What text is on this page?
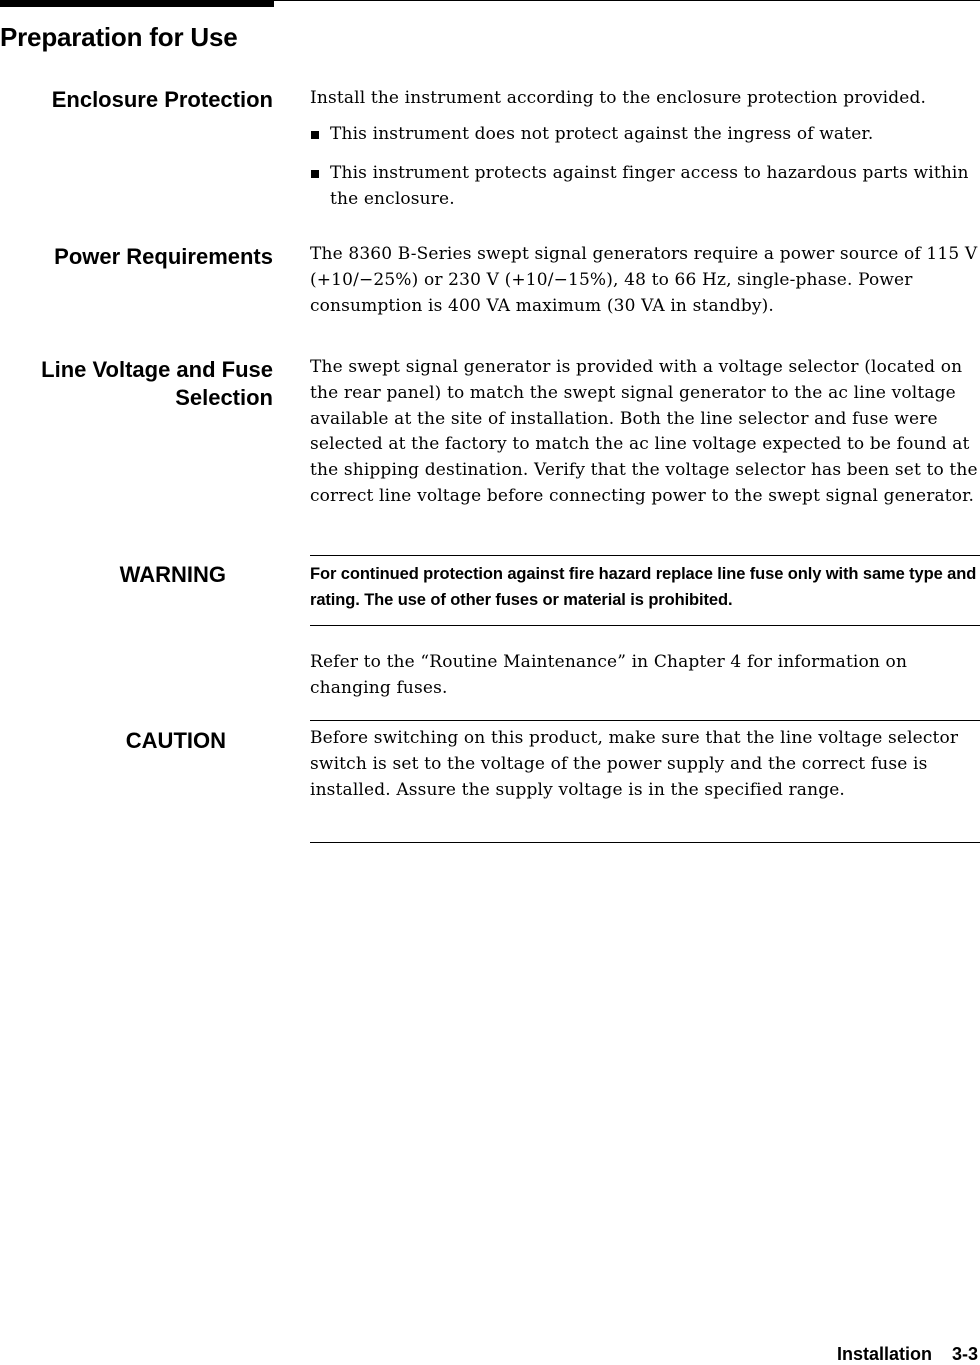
Preparation for Use
Enclosure Protection Install the instrument according to the enclosure protection provided.
This instrument does not protect against the ingress of water.
This instrument protects against finger access to hazardous parts within the enclosure.
Power Requirements The 8360 B-Series swept signal generators require a power source of 115 V (+10/−25%) or 230 V (+10/−15%), 48 to 66 Hz, single-phase. Power consumption is 400 VA maximum (30 VA in standby).
Line Voltage and Fuse
Selection
The swept signal generator is provided with a voltage selector (located on the rear panel) to match the swept signal generator to the ac line voltage available at the site of installation. Both the line selector and fuse were selected at the factory to match the ac line voltage expected to be found at the shipping destination. Verify that the voltage selector has been set to the correct line voltage before connecting power to the swept signal generator.
WARNING	For continued protection against fire hazard replace line fuse only with same type and rating. The use of other fuses or material is prohibited.
Refer to the “Routine Maintenance” in Chapter 4 for information on changing fuses.
CAUTION	Before switching on this product, make sure that the line voltage selector switch is set to the voltage of the power supply and the correct fuse is installed. Assure the supply voltage is in the specified range.
Installation 3-3
